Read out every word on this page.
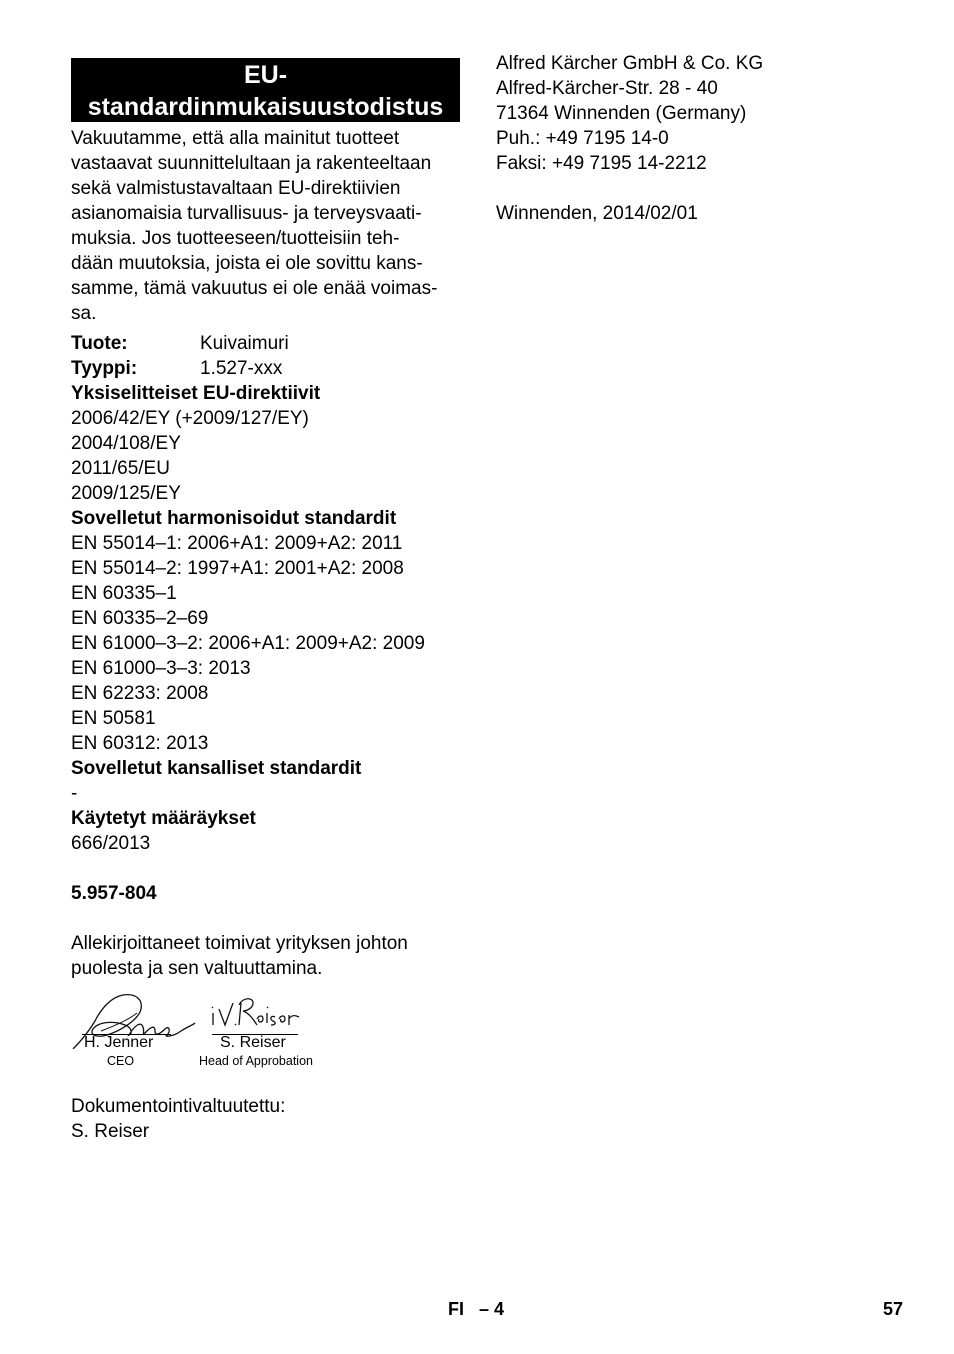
EU-
standardinmukaisuustodistus
Vakuutamme, että alla mainitut tuotteet
vastaavat suunnittelultaan ja rakenteeltaan
sekä valmistustavaltaan EU-direktiivien
asianomaisia turvallisuus- ja terveysvaati-
muksia. Jos tuotteeseen/tuotteisiin teh-
dään muutoksia, joista ei ole sovittu kans-
samme, tämä vakuutus ei ole enää voimas-
sa.
Tuote:	Kuivaimuri
Tyyppi:	1.527-xxx
Yksiselitteiset EU-direktiivit
2006/42/EY (+2009/127/EY)
2004/108/EY
2011/65/EU
2009/125/EY
Sovelletut harmonisoidut standardit
EN 55014–1: 2006+A1: 2009+A2: 2011
EN 55014–2: 1997+A1: 2001+A2: 2008
EN 60335–1
EN 60335–2–69
EN 61000–3–2: 2006+A1: 2009+A2: 2009
EN 61000–3–3: 2013
EN 62233: 2008
EN 50581
EN 60312: 2013
Sovelletut kansalliset standardit
-
Käytetyt määräykset
666/2013
5.957-804
Allekirjoittaneet toimivat yrityksen johton
puolesta ja sen valtuuttamina.
H. Jenner
CEO
S. Reiser
Head of Approbation
Dokumentointivaltuutettu:
S. Reiser
Alfred Kärcher GmbH & Co. KG
Alfred-Kärcher-Str. 28 - 40
71364 Winnenden (Germany)
Puh.: +49 7195 14-0
Faksi: +49 7195 14-2212
Winnenden, 2014/02/01
FI   – 4	57
